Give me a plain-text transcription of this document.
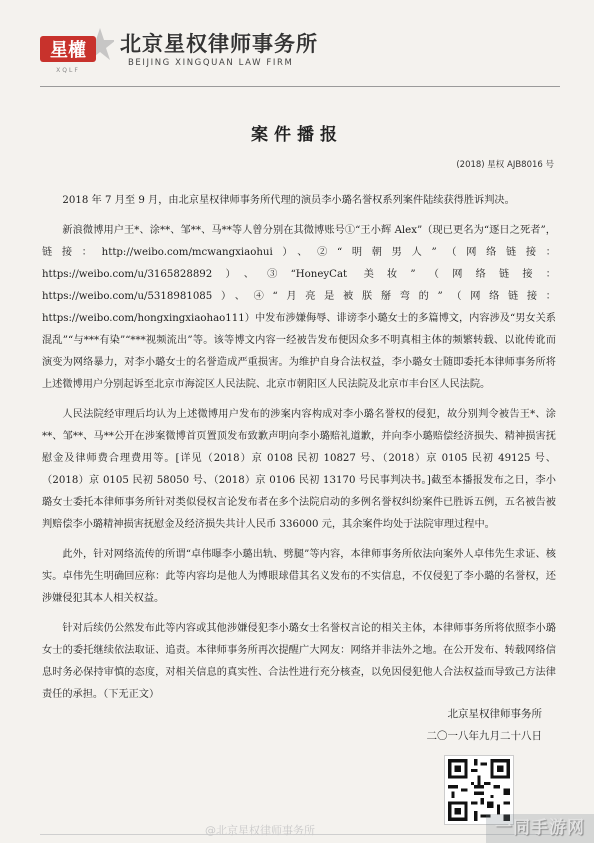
星權
XQLF
北京星权律师事务所
BEIJING XINGQUAN LAW FIRM
案件播报
(2018) 星权 AJB8016 号

2018 年 7 月至 9 月，由北京星权律师事务所代理的演员李小璐名誉权系列案件陆续获得胜诉判决。

新浪微博用户王*、涂**、邹**、马**等人曾分别在其微博账号①“王小辉 Alex”（现已更名为“逐日之死者”，链接：http://weibo.com/mcwangxiaohui）、②“明朝男人”（网络链接：https://weibo.com/u/3165828892）、③“HoneyCat 美妆”（网络链接：https://weibo.com/u/5318981085）、④“月亮是被朕掰弯的”（网络链接：https://weibo.com/hongxingxiaohao111）中发布涉嫌侮辱、诽谤李小璐女士的多篇博文，内容涉及“男女关系混乱”“与***有染”“***视频流出”等。该等博文内容一经被告发布便因众多不明真相主体的频繁转载、以讹传讹而演变为网络暴力，对李小璐女士的名誉造成严重损害。为维护自身合法权益，李小璐女士随即委托本律师事务所将上述微博用户分别起诉至北京市海淀区人民法院、北京市朝阳区人民法院及北京市丰台区人民法院。

人民法院经审理后均认为上述微博用户发布的涉案内容构成对李小璐名誉权的侵犯，故分别判令被告王*、涂**、邹**、马**公开在涉案微博首页置顶发布致歉声明向李小璐赔礼道歉，并向李小璐赔偿经济损失、精神损害抚慰金及律师费合理费用等。[详见（2018）京 0108 民初 10827 号、（2018）京 0105 民初 49125 号、（2018）京 0105 民初 58050 号、（2018）京 0106 民初 13170 号民事判决书。]截至本播报发布之日，李小璐女士委托本律师事务所针对类似侵权言论发布者在多个法院启动的多例名誉权纠纷案件已胜诉五例，五名被告被判赔偿李小璐精神损害抚慰金及经济损失共计人民币 336000 元，其余案件均处于法院审理过程中。

此外，针对网络流传的所谓“卓伟曝李小璐出轨、劈腿”等内容，本律师事务所依法向案外人卓伟先生求证、核实。卓伟先生明确回应称：此等内容均是他人为博眼球借其名义发布的不实信息，不仅侵犯了李小璐的名誉权，还涉嫌侵犯其本人相关权益。

针对后续仍公然发布此等内容或其他涉嫌侵犯李小璐女士名誉权言论的相关主体，本律师事务所将依照李小璐女士的委托继续依法取证、追责。本律师事务所再次提醒广大网友：网络并非法外之地。在公开发布、转载网络信息时务必保持审慎的态度，对相关信息的真实性、合法性进行充分核查，以免因侵犯他人合法权益而导致己方法律责任的承担。（下无正文）

北京星权律师事务所
二〇一八年九月二十八日
@北京星权律师事务所	一同手游网
